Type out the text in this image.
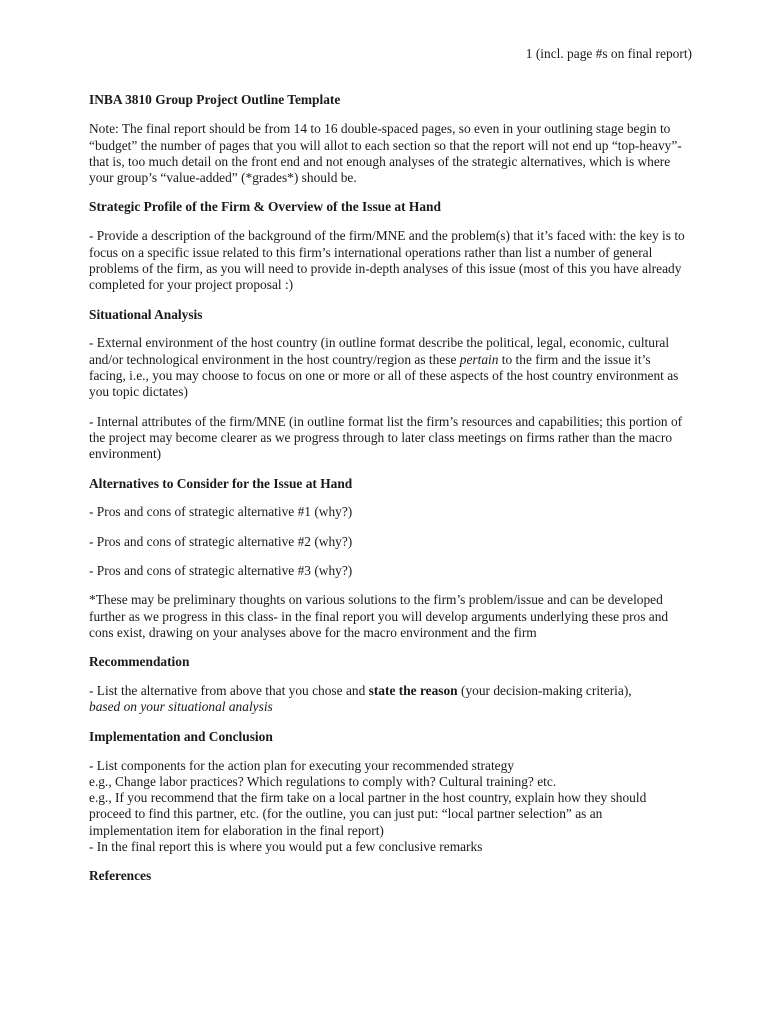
1 (incl. page #s on final report)

INBA 3810 Group Project Outline Template

Note: The final report should be from 14 to 16 double-spaced pages, so even in your outlining stage begin to “budget” the number of pages that you will allot to each section so that the report will not end up “top-heavy”- that is, too much detail on the front end and not enough analyses of the strategic alternatives, which is where your group’s “value-added” (*grades*) should be.

Strategic Profile of the Firm & Overview of the Issue at Hand

- Provide a description of the background of the firm/MNE and the problem(s) that it’s faced with: the key is to focus on a specific issue related to this firm’s international operations rather than list a number of general problems of the firm, as you will need to provide in-depth analyses of this issue (most of this you have already completed for your project proposal :)

Situational Analysis

- External environment of the host country (in outline format describe the political, legal, economic, cultural and/or technological environment in the host country/region as these pertain to the firm and the issue it’s facing, i.e., you may choose to focus on one or more or all of these aspects of the host country environment as you topic dictates)

- Internal attributes of the firm/MNE (in outline format list the firm’s resources and capabilities; this portion of the project may become clearer as we progress through to later class meetings on firms rather than the macro environment)

Alternatives to Consider for the Issue at Hand

- Pros and cons of strategic alternative #1 (why?)

- Pros and cons of strategic alternative #2 (why?)

- Pros and cons of strategic alternative #3 (why?)

*These may be preliminary thoughts on various solutions to the firm’s problem/issue and can be developed further as we progress in this class- in the final report you will develop arguments underlying these pros and cons exist, drawing on your analyses above for the macro environment and the firm

Recommendation

- List the alternative from above that you chose and state the reason (your decision-making criteria),
based on your situational analysis

Implementation and Conclusion

- List components for the action plan for executing your recommended strategy
e.g., Change labor practices? Which regulations to comply with? Cultural training? etc.
e.g., If you recommend that the firm take on a local partner in the host country, explain how they should proceed to find this partner, etc. (for the outline, you can just put: “local partner selection” as an implementation item for elaboration in the final report)
- In the final report this is where you would put a few conclusive remarks

References
